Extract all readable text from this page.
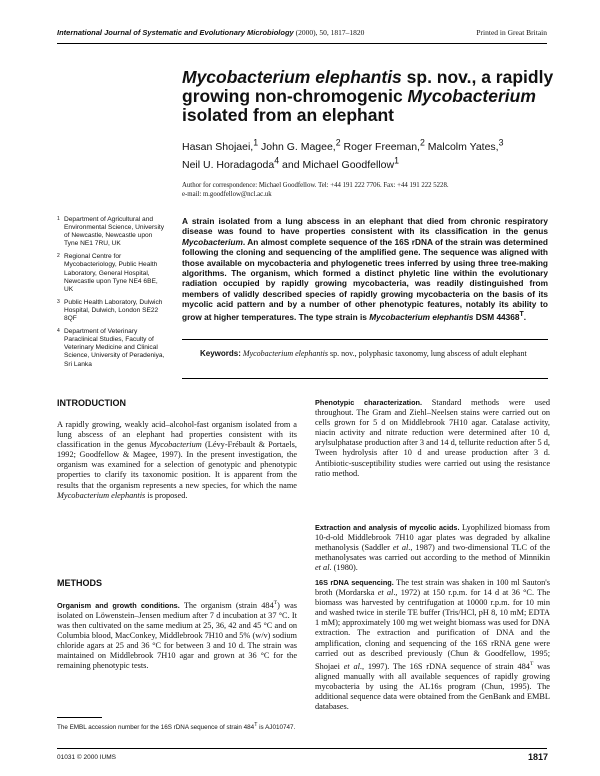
International Journal of Systematic and Evolutionary Microbiology (2000), 50, 1817–1820	Printed in Great Britain
Mycobacterium elephantis sp. nov., a rapidly growing non-chromogenic Mycobacterium isolated from an elephant
Hasan Shojaei,$^1$ John G. Magee,$^2$ Roger Freeman,$^2$ Malcolm Yates,$^3$
Neil U. Horadagoda$^4$ and Michael Goodfellow$^1$
Author for correspondence: Michael Goodfellow. Tel: +44 191 222 7706. Fax: +44 191 222 5228.
e-mail: m.goodfellow@ncl.ac.uk
1 Department of Agricultural and Environmental Science, University of Newcastle, Newcastle upon Tyne NE1 7RU, UK
2 Regional Centre for Mycobacteriology, Public Health Laboratory, General Hospital, Newcastle upon Tyne NE4 6BE, UK
3 Public Health Laboratory, Dulwich Hospital, Dulwich, London SE22 8QF
4 Department of Veterinary Paraclinical Studies, Faculty of Veterinary Medicine and Clinical Science, University of Peradeniya, Sri Lanka
A strain isolated from a lung abscess in an elephant that died from chronic respiratory disease was found to have properties consistent with its classification in the genus Mycobacterium. An almost complete sequence of the 16S rDNA of the strain was determined following the cloning and sequencing of the amplified gene. The sequence was aligned with those available on mycobacteria and phylogenetic trees inferred by using three tree-making algorithms. The organism, which formed a distinct phyletic line within the evolutionary radiation occupied by rapidly growing mycobacteria, was readily distinguished from members of validly described species of rapidly growing mycobacteria on the basis of its mycolic acid pattern and by a number of other phenotypic features, notably its ability to grow at higher temperatures. The type strain is Mycobacterium elephantis DSM $44368^T$.
Keywords: Mycobacterium elephantis sp. nov., polyphasic taxonomy, lung abscess of adult elephant
INTRODUCTION
A rapidly growing, weakly acid–alcohol-fast organism isolated from a lung abscess of an elephant had properties consistent with its classification in the genus Mycobacterium (Lévy-Frébault & Portaels, 1992; Goodfellow & Magee, 1997). In the present investigation, the organism was examined for a selection of genotypic and phenotypic properties to clarify its taxonomic position. It is apparent from the results that the organism represents a new species, for which the name Mycobacterium elephantis is proposed.
METHODS
Organism and growth conditions. The organism (strain $484^T$) was isolated on Löwenstein–Jensen medium after 7 d incubation at 37 °C. It was then cultivated on the same medium at 25, 36, 42 and 45 °C and on Columbia blood, MacConkey, Middlebrook 7H10 and 5% (w/v) sodium chloride agars at 25 and 36 °C for between 3 and 10 d. The strain was maintained on Middlebrook 7H10 agar and grown at 36 °C for the remaining phenotypic tests.
The EMBL accession number for the 16S rDNA sequence of strain $484^T$ is AJ010747.
Phenotypic characterization. Standard methods were used throughout. The Gram and Ziehl–Neelsen stains were carried out on cells grown for 5 d on Middlebrook 7H10 agar. Catalase activity, niacin activity and nitrate reduction were determined after 10 d, arylsulphatase production after 3 and 14 d, tellurite reduction after 5 d, Tween hydrolysis after 10 d and urease production after 3 d. Antibiotic-susceptibility studies were carried out using the resistance ratio method.
Extraction and analysis of mycolic acids. Lyophilized biomass from 10-d-old Middlebrook 7H10 agar plates was degraded by alkaline methanolysis (Saddler et al., 1987) and two-dimensional TLC of the methanolysates was carried out according to the method of Minnikin et al. (1980).
16S rDNA sequencing. The test strain was shaken in 100 ml Sauton's broth (Mordarska et al., 1972) at 150 r.p.m. for 14 d at 36 °C. The biomass was harvested by centrifugation at 10000 r.p.m. for 10 min and washed twice in sterile TE buffer (Tris/HCl, pH 8, 10 mM; EDTA 1 mM); approximately 100 mg wet weight biomass was used for DNA extraction. The extraction and purification of DNA and the amplification, cloning and sequencing of the 16S rRNA gene were carried out as described previously (Chun & Goodfellow, 1995; Shojaei et al., 1997). The 16S rDNA sequence of strain $484^T$ was aligned manually with all available sequences of rapidly growing mycobacteria by using the AL16s program (Chun, 1995). The additional sequence data were obtained from the GenBank and EMBL databases.
01031 © 2000 IUMS	1817
